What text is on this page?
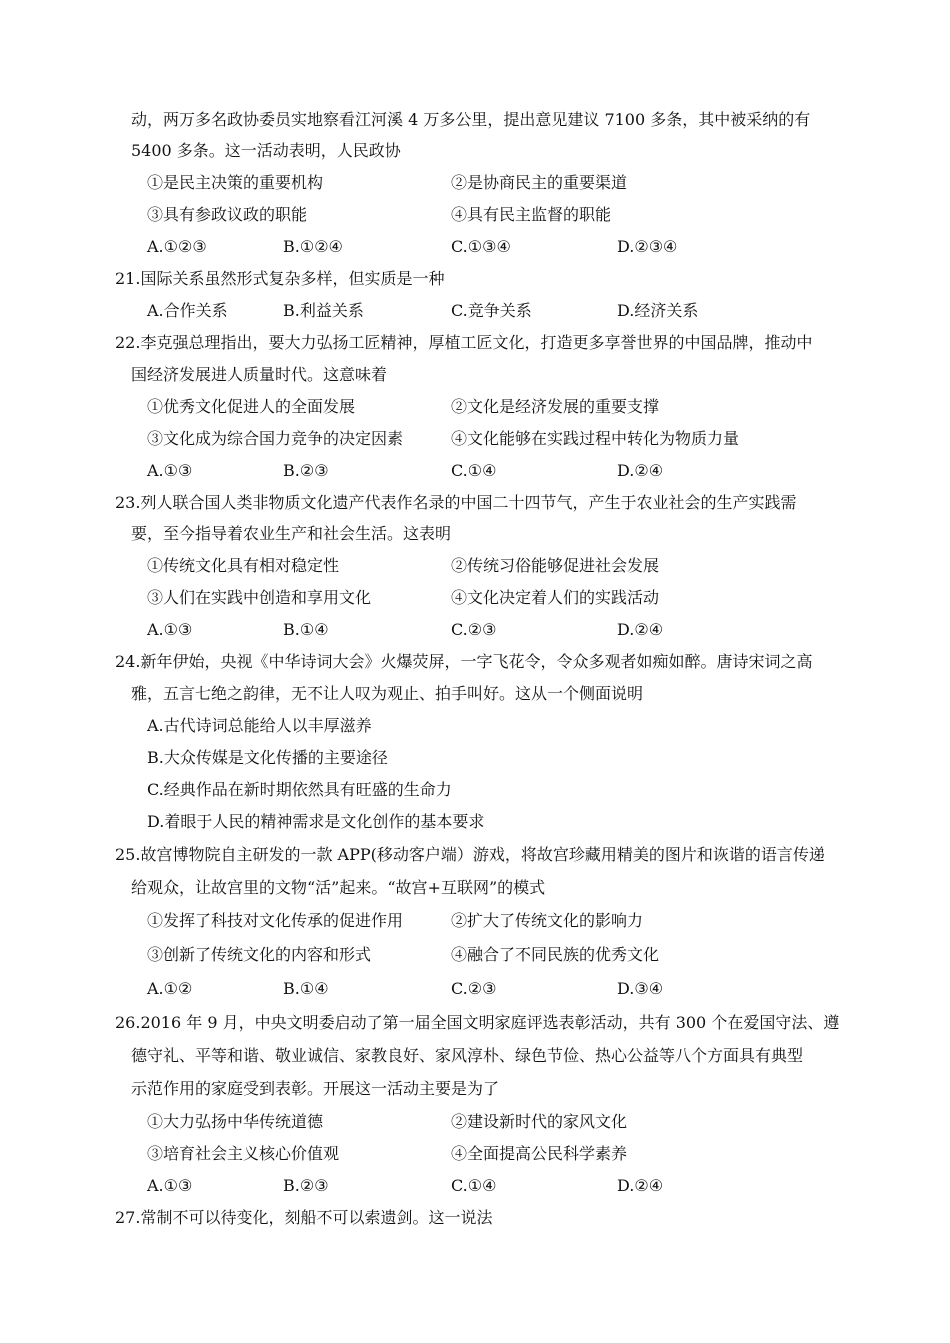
动，两万多名政协委员实地察看江河溪 4 万多公里，提出意见建议 7100 多条，其中被采纳的有
5400 多条。这一活动表明，人民政协
①是民主决策的重要机构	②是协商民主的重要渠道
③具有参政议政的职能	④具有民主监督的职能
A.①②③	B.①②④	C.①③④	D.②③④
21.国际关系虽然形式复杂多样，但实质是一种
A.合作关系	B.利益关系	C.竞争关系	D.经济关系
22.李克强总理指出，要大力弘扬工匠精神，厚植工匠文化，打造更多享誉世界的中国品牌，推动中
国经济发展进人质量时代。这意味着
①优秀文化促进人的全面发展	②文化是经济发展的重要支撑
③文化成为综合国力竞争的决定因素	④文化能够在实践过程中转化为物质力量
A.①③	B.②③	C.①④	D.②④
23.列人联合国人类非物质文化遗产代表作名录的中国二十四节气，产生于农业社会的生产实践需
要，至今指导着农业生产和社会生活。这表明
①传统文化具有相对稳定性	②传统习俗能够促进社会发展
③人们在实践中创造和享用文化	④文化决定着人们的实践活动
A.①③	B.①④	C.②③	D.②④
24.新年伊始，央视《中华诗词大会》火爆荧屏，一字飞花令，令众多观者如痴如醉。唐诗宋词之高
雅，五言七绝之韵律，无不让人叹为观止、拍手叫好。这从一个侧面说明
A.古代诗词总能给人以丰厚滋养
B.大众传媒是文化传播的主要途径
C.经典作品在新时期依然具有旺盛的生命力
D.着眼于人民的精神需求是文化创作的基本要求
25.故宫博物院自主研发的一款 APP(移动客户端）游戏，将故宫珍藏用精美的图片和诙谐的语言传递
给观众，让故宫里的文物“活”起来。“故宫+互联网”的模式
①发挥了科技对文化传承的促进作用	②扩大了传统文化的影响力
③创新了传统文化的内容和形式	④融合了不同民族的优秀文化
A.①②	B.①④	C.②③	D.③④
26.2016 年 9 月，中央文明委启动了第一届全国文明家庭评选表彰活动，共有 300 个在爱国守法、遵
德守礼、平等和谐、敬业诚信、家教良好、家风淳朴、绿色节俭、热心公益等八个方面具有典型
示范作用的家庭受到表彰。开展这一活动主要是为了
①大力弘扬中华传统道德	②建设新时代的家风文化
③培育社会主义核心价值观	④全面提高公民科学素养
A.①③	B.②③	C.①④	D.②④
27.常制不可以待变化，刻船不可以索遗剑。这一说法
